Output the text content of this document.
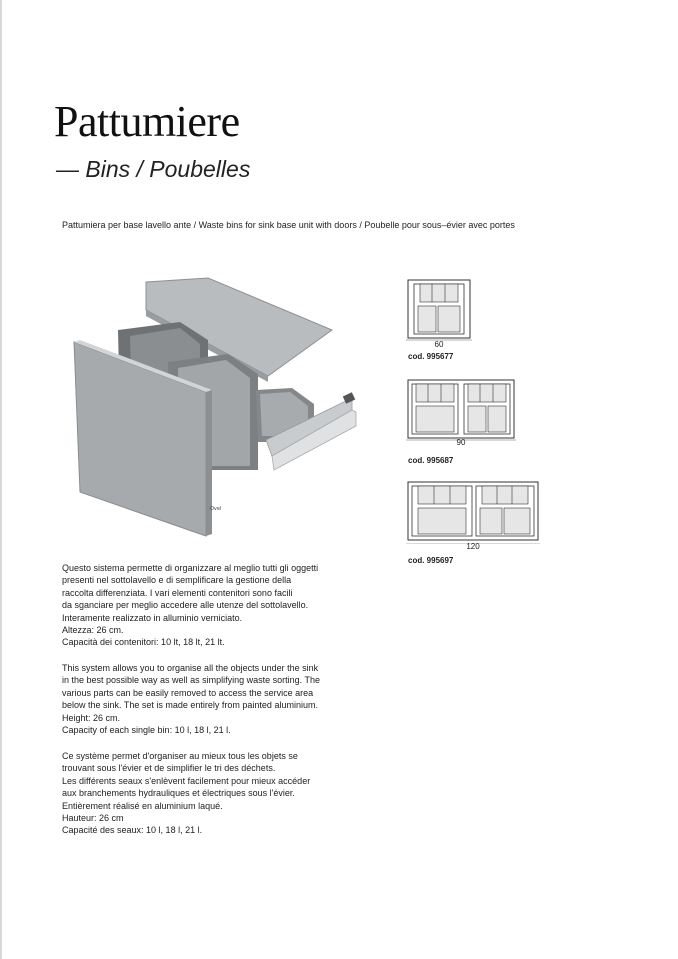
Pattumiere
— Bins / Poubelles
Pattumiera per base lavello ante / Waste bins for sink base unit with doors / Poubelle pour sous–évier avec portes
Ovel
60
cod. 995677
90
cod. 995687
120
cod. 995697

Questo sistema permette di organizzare al meglio tutti gli oggetti

presenti nel sottolavello e di semplificare la gestione della

raccolta differenziata. I vari elementi contenitori sono facili

da sganciare per meglio accedere alle utenze del sottolavello.

Interamente realizzato in alluminio verniciato.

Altezza: 26 cm.

Capacità dei contenitori: 10 lt, 18 lt, 21 lt.

This system allows you to organise all the objects under the sink

in the best possible way as well as simplifying waste sorting. The

various parts can be easily removed to access the service area

below the sink. The set is made entirely from painted aluminium.

Height: 26 cm.

Capacity of each single bin: 10 l, 18 l, 21 l.

Ce système permet d'organiser au mieux tous les objets se

trouvant sous l'évier et de simplifier le tri des déchets.

Les différents seaux s'enlèvent facilement pour mieux accéder

aux branchements hydrauliques et électriques sous l'évier.

Entièrement réalisé en aluminium laqué.

Hauteur: 26 cm

Capacité des seaux: 10 l, 18 l, 21 l.
